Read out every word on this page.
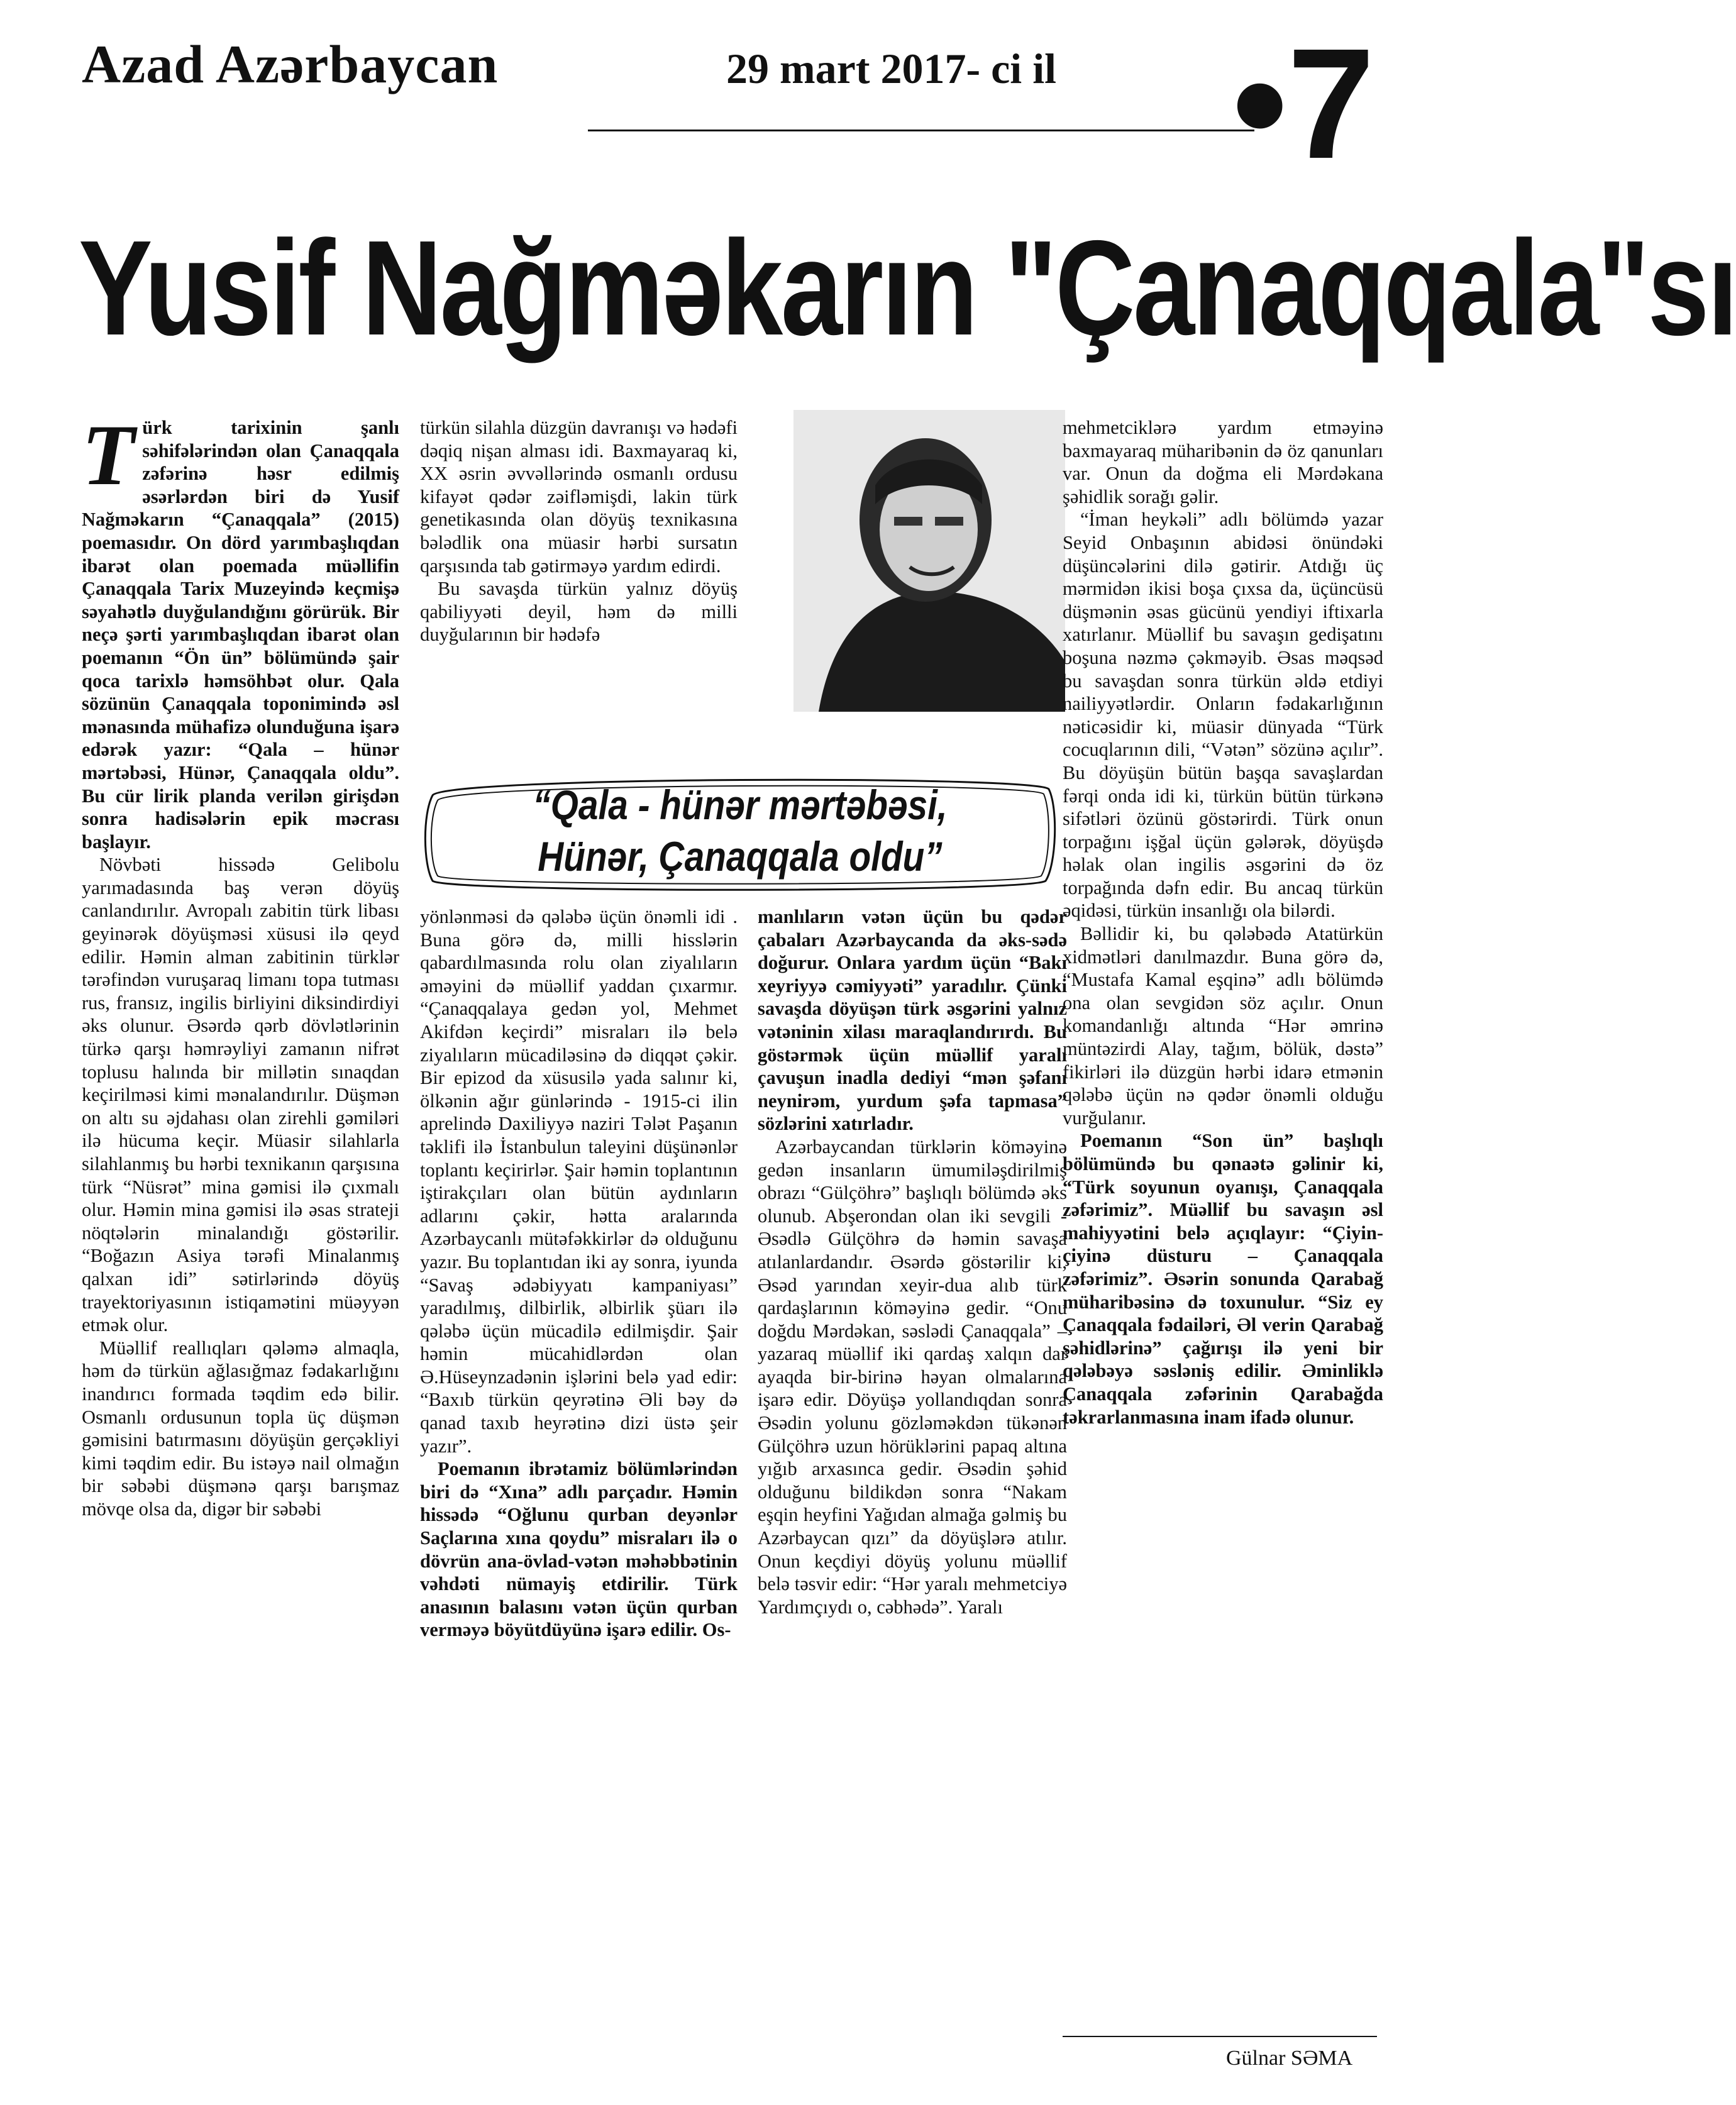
Azad Azərbaycan	29 mart 2017- ci il •7
Yusif Nağməkarın "Çanaqqala"sı

Türk tarixinin şanlı səhifələrindən olan Çanaqqala zəfərinə həsr edilmiş əsərlərdən biri də Yusif Nağməkarın “Çanaqqala” (2015) poemasıdır. On dörd yarımbaşlıqdan ibarət olan poemada müəllifin Çanaqqala Tarix Muzeyində keçmişə səyahətlə duyğulandığını görürük. Bir neçə şərti yarımbaşlıqdan ibarət olan poemanın “Ön ün” bölümündə şair qoca tarixlə həmsöhbət olur. Qala sözünün Çanaqqala toponimində əsl mənasında mühafizə olunduğuna işarə edərək yazır: “Qala – hünər mərtəbəsi, Hünər, Çanaqqala oldu”. Bu cür lirik planda verilən girişdən sonra hadisələrin epik məcrası başlayır.

Növbəti hissədə Gelibolu yarımadasında baş verən döyüş canlandırılır. Avropalı zabitin türk libası geyinərək döyüşməsi xüsusi ilə qeyd edilir. Həmin alman zabitinin türklər tərəfindən vuruşaraq limanı topa tutması rus, fransız, ingilis birliyini diksindirdiyi əks olunur. Əsərdə qərb dövlətlərinin türkə qarşı həmrəyliyi zamanın nifrət toplusu halında bir millətin sınaqdan keçirilməsi kimi mənalandırılır. Düşmən on altı su əjdahası olan zirehli gəmiləri ilə hücuma keçir. Müasir silahlarla silahlanmış bu hərbi texnikanın qarşısına türk “Nüsrət” mina gəmisi ilə çıxmalı olur. Həmin mina gəmisi ilə əsas strateji nöqtələrin minalandığı göstərilir. “Boğazın Asiya tərəfi Minalanmış qalxan idi” sətirlərində döyüş trayektoriyasının istiqamətini müəyyən etmək olur.

Müəllif reallıqları qələmə almaqla, həm də türkün ağlasığmaz fədakarlığını inandırıcı formada təqdim edə bilir. Osmanlı ordusunun topla üç düşmən gəmisini batırmasını döyüşün gerçəkliyi kimi təqdim edir. Bu istəyə nail olmağın bir səbəbi düşmənə qarşı barışmaz mövqe olsa da, digər bir səbəbi

türkün silahla düzgün davranışı və hədəfi dəqiq nişan alması idi. Baxmayaraq ki, XX əsrin əvvəllərində osmanlı ordusu kifayət qədər zəifləmişdi, lakin türk genetikasında olan döyüş texnikasına bələdlik ona müasir hərbi sursatın qarşısında tab gətirməyə yardım edirdi.

Bu savaşda türkün yalnız döyüş qabiliyyəti deyil, həm də milli duyğularının bir hədəfə

“Qala - hünər mərtəbəsi,
Hünər, Çanaqqala oldu”

yönlənməsi də qələbə üçün önəmli idi . Buna görə də, milli hisslərin qabardılmasında rolu olan ziyalıların əməyini də müəllif yaddan çıxarmır. “Çanaqqalaya gedən yol, Mehmet Akifdən keçirdi” misraları ilə belə ziyalıların mücadiləsinə də diqqət çəkir. Bir epizod da xüsusilə yada salınır ki, ölkənin ağır günlərində - 1915-ci ilin aprelində Daxiliyyə naziri Tələt Paşanın təklifi ilə İstanbulun taleyini düşünənlər toplantı keçirirlər. Şair həmin toplantının iştirakçıları olan bütün aydınların adlarını çəkir, hətta aralarında Azərbaycanlı mütəfəkkirlər də olduğunu yazır. Bu toplantıdan iki ay sonra, iyunda “Savaş ədəbiyyatı kampaniyası” yaradılmış, dilbirlik, əlbirlik şüarı ilə qələbə üçün mücadilə edilmişdir. Şair həmin mücahidlərdən olan Ə.Hüseynzadənin işlərini belə yad edir: “Baxıb türkün qeyrətinə Əli bəy də qanad taxıb heyrətinə dizi üstə şeir yazır”.

Poemanın ibrətamiz bölümlərindən biri də “Xına” adlı parçadır. Həmin hissədə “Oğlunu qurban deyənlər Saçlarına xına qoydu” misraları ilə o dövrün ana-övlad-vətən məhəbbətinin vəhdəti nümayiş etdirilir. Türk anasının balasını vətən üçün qurban verməyə böyütdüyünə işarə edilir. Os-

manlıların vətən üçün bu qədər çabaları Azərbaycanda da əks-sədə doğurur. Onlara yardım üçün “Bakı xeyriyyə cəmiyyəti” yaradılır. Çünki savaşda döyüşən türk əsgərini yalnız vətəninin xilası maraqlandırırdı. Bu göstərmək üçün müəllif yaralı çavuşun inadla dediyi “mən şəfanı neynirəm, yurdum şəfa tapmasa” sözlərini xatırladır.

Azərbaycandan türklərin köməyinə gedən insanların ümumiləşdirilmiş obrazı “Gülçöhrə” başlıqlı bölümdə əks olunub. Abşerondan olan iki sevgili - Əsədlə Gülçöhrə də həmin savaşa atılanlardandır. Əsərdə göstərilir ki, Əsəd yarından xeyir-dua alıb türk qardaşlarının köməyinə gedir. “Onu doğdu Mərdəkan, səslədi Çanaqqala” – yazaraq müəllif iki qardaş xalqın dar ayaqda bir-birinə həyan olmalarına işarə edir. Döyüşə yollandıqdan sonra Əsədin yolunu gözləməkdən tükənən Gülçöhrə uzun hörüklərini papaq altına yığıb arxasınca gedir. Əsədin şəhid olduğunu bildikdən sonra “Nakam eşqin heyfini Yağıdan almağa gəlmiş bu Azərbaycan qızı” da döyüşlərə atılır. Onun keçdiyi döyüş yolunu müəllif belə təsvir edir: “Hər yaralı mehmetciyə Yardımçıydı o, cəbhədə”. Yaralı

mehmetciklərə yardım etməyinə baxmayaraq müharibənin də öz qanunları var. Onun da doğma eli Mərdəkana şəhidlik sorağı gəlir.

“İman heykəli” adlı bölümdə yazar Seyid Onbaşının abidəsi önündəki düşüncələrini dilə gətirir. Atdığı üç mərmidən ikisi boşa çıxsa da, üçüncüsü düşmənin əsas gücünü yendiyi iftixarla xatırlanır. Müəllif bu savaşın gedişatını boşuna nəzmə çəkməyib. Əsas məqsəd bu savaşdan sonra türkün əldə etdiyi nailiyyətlərdir. Onların fədakarlığının nəticəsidir ki, müasir dünyada “Türk cocuqlarının dili, “Vətən” sözünə açılır”. Bu döyüşün bütün başqa savaşlardan fərqi onda idi ki, türkün bütün türkənə sifətləri özünü göstərirdi. Türk onun torpağını işğal üçün gələrək, döyüşdə həlak olan ingilis əsgərini də öz torpağında dəfn edir. Bu ancaq türkün əqidəsi, türkün insanlığı ola bilərdi.

Bəllidir ki, bu qələbədə Atatürkün xidmətləri danılmazdır. Buna görə də, “Mustafa Kamal eşqinə” adlı bölümdə ona olan sevgidən söz açılır. Onun komandanlığı altında “Hər əmrinə müntəzirdi Alay, tağım, bölük, dəstə” fikirləri ilə düzgün hərbi idarə etmənin qələbə üçün nə qədər önəmli olduğu vurğulanır.

Poemanın “Son ün” başlıqlı bölümündə bu qənaətə gəlinir ki, “Türk soyunun oyanışı, Çanaqqala zəfərimiz”. Müəllif bu savaşın əsl mahiyyətini belə açıqlayır: “Çiyin-çiyinə düsturu – Çanaqqala zəfərimiz”. Əsərin sonunda Qarabağ müharibəsinə də toxunulur. “Siz ey Çanaqqala fədailəri, Əl verin Qarabağ şəhidlərinə” çağırışı ilə yeni bir qələbəyə səsləniş edilir. Əminliklə Çanaqqala zəfərinin Qarabağda təkrarlanmasına inam ifadə olunur.

Gülnar SƏMA
